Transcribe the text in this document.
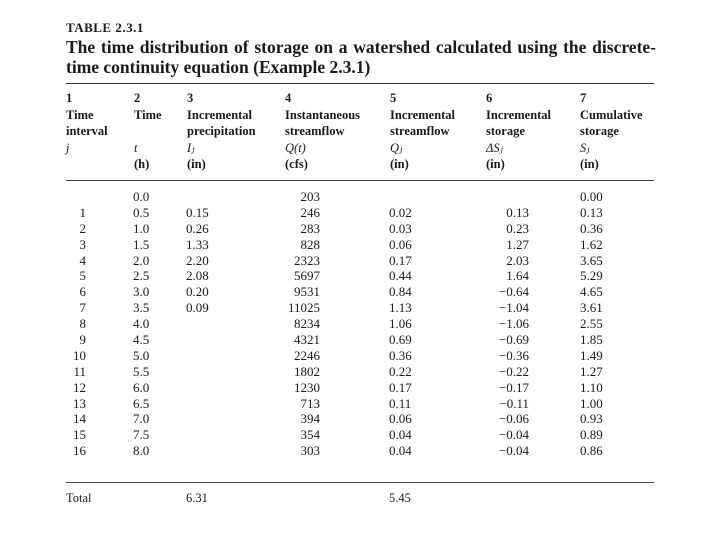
TABLE 2.3.1
The time distribution of storage on a watershed calculated using the discrete-time continuity equation (Example 2.3.1)
1
Time
interval
j
2
Time
t
(h)
3
Incremental
precipitation
Iⱼ
(in)
4
Instantaneous
streamflow
Q(t)
(cfs)
5
Incremental
streamflow
Qⱼ
(in)
6
Incremental
storage
ΔSⱼ
(in)
7
Cumulative
storage
Sⱼ
(in)
1
2
3
4
5
6
7
8
9
10
11
12
13
14
15
16
0.0
0.5
1.0
1.5
2.0
2.5
3.0
3.5
4.0
4.5
5.0
5.5
6.0
6.5
7.0
7.5
8.0
0.15
0.26
1.33
2.20
2.08
0.20
0.09
203
246
283
828
2323
5697
9531
11025
8234
4321
2246
1802
1230
713
394
354
303
0.02
0.03
0.06
0.17
0.44
0.84
1.13
1.06
0.69
0.36
0.22
0.17
0.11
0.06
0.04
0.04
0.13
0.23
1.27
2.03
1.64
−0.64
−1.04
−1.06
−0.69
−0.36
−0.22
−0.17
−0.11
−0.06
−0.04
−0.04
0.00
0.13
0.36
1.62
3.65
5.29
4.65
3.61
2.55
1.85
1.49
1.27
1.10
1.00
0.93
0.89
0.86
Total	6.31	5.45
